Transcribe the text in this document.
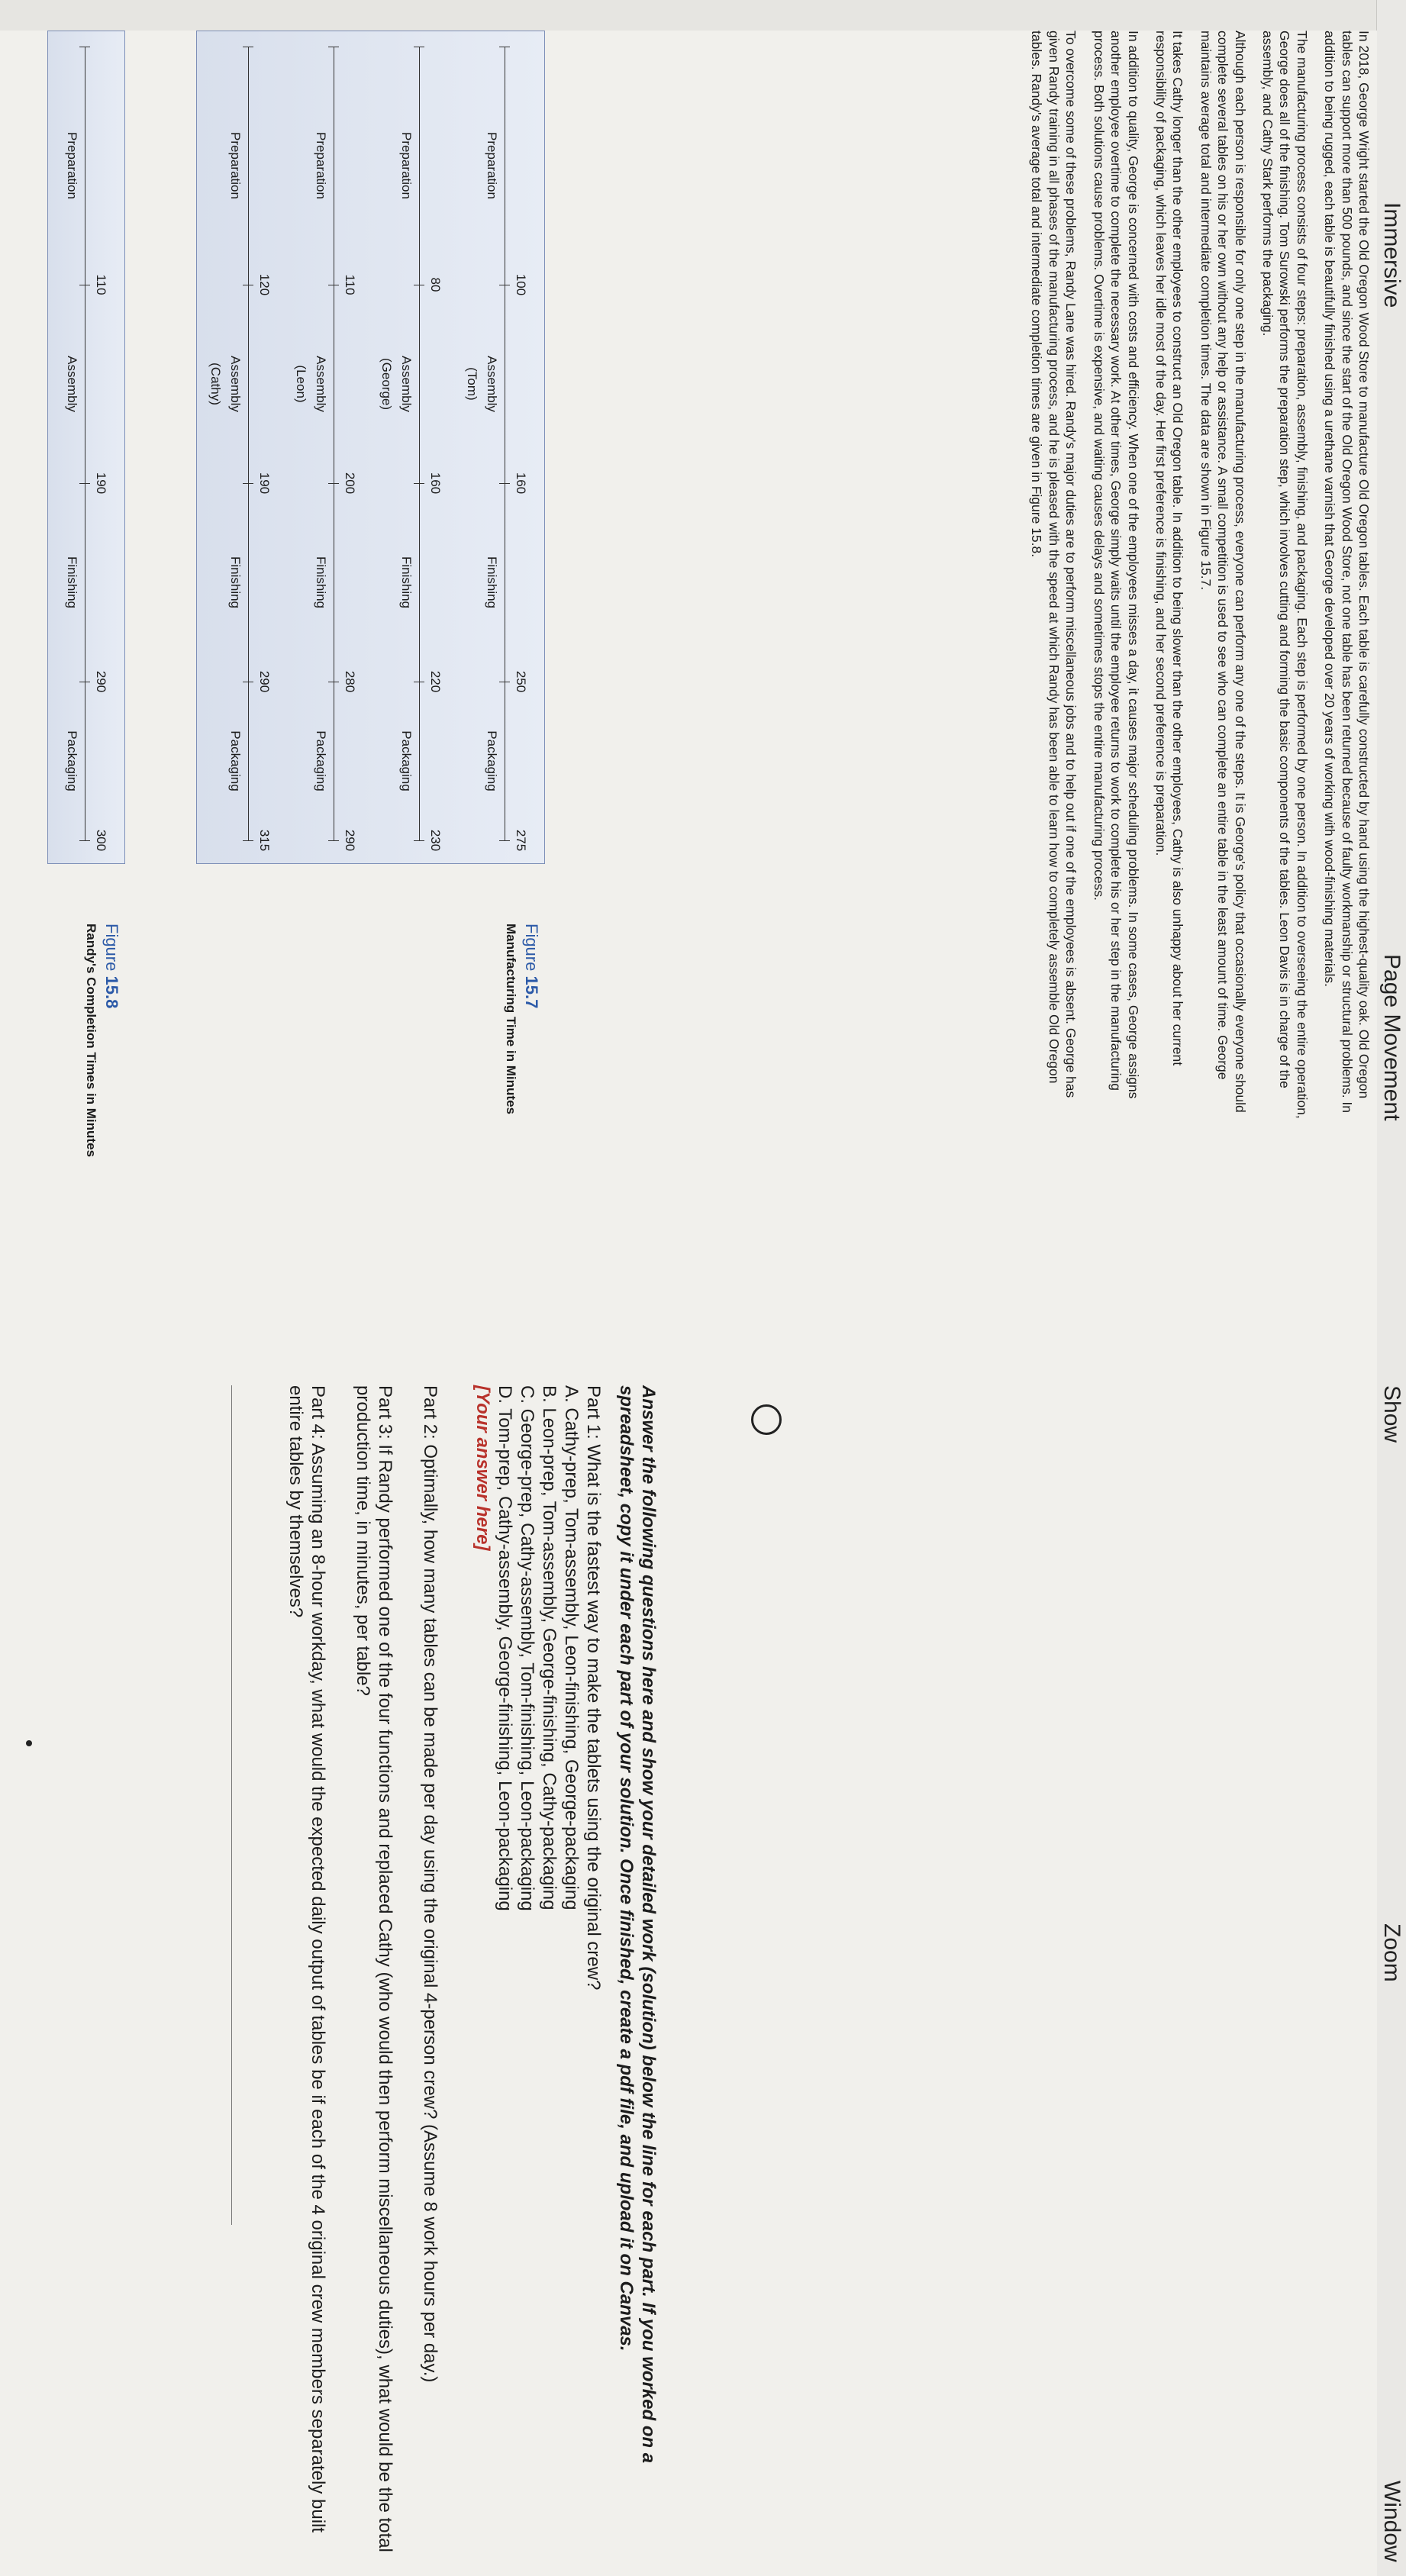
Immersive
Page Movement
Show
Zoom
Window

In 2018, George Wright started the Old Oregon Wood Store to manufacture Old Oregon tables. Each table is carefully constructed by hand using the highest-quality oak. Old Oregon tables can support more than 500 pounds, and since the start of the Old Oregon Wood Store, not one table has been returned because of faulty workmanship or structural problems. In addition to being rugged, each table is beautifully finished using a urethane varnish that George developed over 20 years of working with wood-finishing materials.

The manufacturing process consists of four steps: preparation, assembly, finishing, and packaging. Each step is performed by one person. In addition to overseeing the entire operation, George does all of the finishing. Tom Surowski performs the preparation step, which involves cutting and forming the basic components of the tables. Leon Davis is in charge of the assembly, and Cathy Stark performs the packaging.

Although each person is responsible for only one step in the manufacturing process, everyone can perform any one of the steps. It is George's policy that occasionally everyone should complete several tables on his or her own without any help or assistance. A small competition is used to see who can complete an entire table in the least amount of time. George maintains average total and intermediate completion times. The data are shown in Figure 15.7.

It takes Cathy longer than the other employees to construct an Old Oregon table. In addition to being slower than the other employees, Cathy is also unhappy about her current responsibility of packaging, which leaves her idle most of the day. Her first preference is finishing, and her second preference is preparation.

In addition to quality, George is concerned with costs and efficiency. When one of the employees misses a day, it causes major scheduling problems. In some cases, George assigns another employee overtime to complete the necessary work. At other times, George simply waits until the employee returns to work to complete his or her step in the manufacturing process. Both solutions cause problems. Overtime is expensive, and waiting causes delays and sometimes stops the entire manufacturing process.

To overcome some of these problems, Randy Lane was hired. Randy's major duties are to perform miscellaneous jobs and to help out if one of the employees is absent. George has given Randy training in all phases of the manufacturing process, and he is pleased with the speed at which Randy has been able to learn how to completely assemble Old Oregon tables. Randy's average total and intermediate completion times are given in Figure 15.8.

Figure 15.7
Manufacturing Time in Minutes
100
160
250
275
Preparation
Assembly
Finishing
Packaging
(Tom)
80
160
220
230
Preparation
Assembly
Finishing
Packaging
(George)
110
200
280
290
Preparation
Assembly
Finishing
Packaging
(Leon)
120
190
290
315
Preparation
Assembly
Finishing
Packaging
(Cathy)
Figure 15.8
Randy's Completion Times in Minutes
110
190
290
300
Preparation
Assembly
Finishing
Packaging

Answer the following questions here and show your detailed work (solution) below the line for each part. If you worked on a spreadsheet, copy it under each part of your solution. Once finished, create a pdf file, and upload it on Canvas.

Part 1: What is the fastest way to make the tablets using the original crew?

A. Cathy-prep, Tom-assembly, Leon-finishing, George-packaging

B. Leon-prep, Tom-assembly, George-finishing, Cathy-packaging

C. George-prep, Cathy-assembly, Tom-finishing, Leon-packaging

D. Tom-prep, Cathy-assembly, George-finishing, Leon-packaging

[Your answer here]

Part 2: Optimally, how many tables can be made per day using the original 4-person crew? (Assume 8 work hours per day.)

Part 3: If Randy performed one of the four functions and replaced Cathy (who would then perform miscellaneous duties), what would be the total production time, in minutes, per table?

Part 4: Assuming an 8-hour workday, what would the expected daily output of tables be if each of the 4 original crew members separately built entire tables by themselves?
